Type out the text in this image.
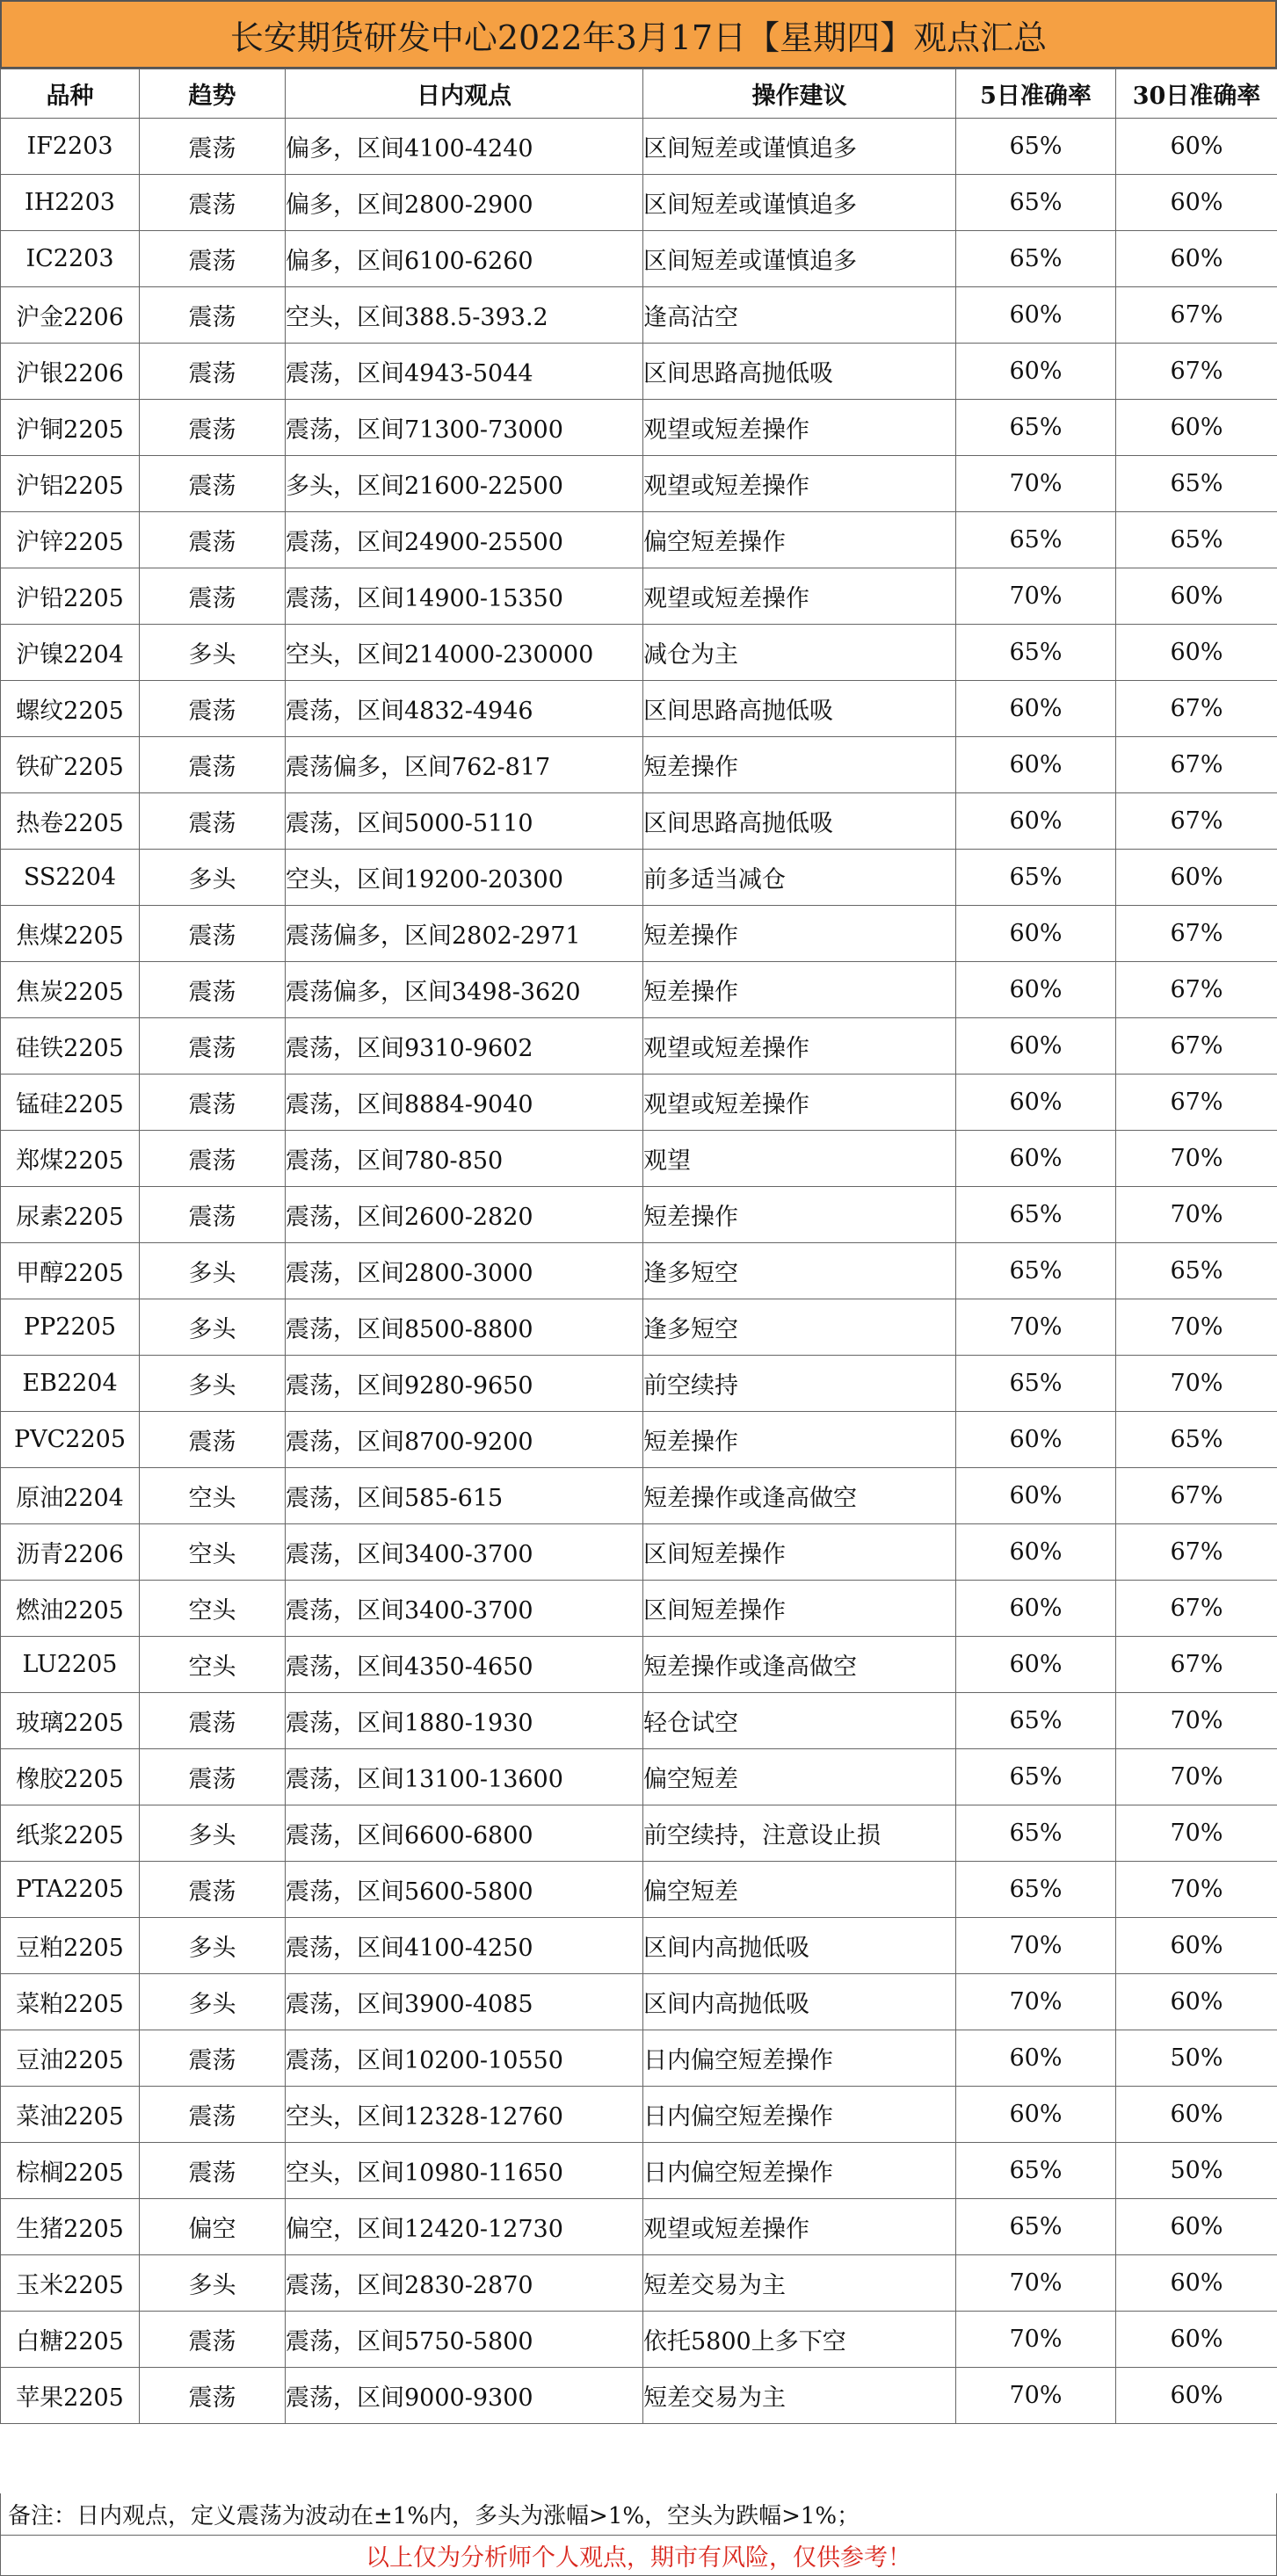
长安期货研发中心2022年3月17日【星期四】观点汇总
品种	趋势	日内观点	操作建议	5日准确率	30日准确率
IF2203	震荡	偏多，区间4100-4240	区间短差或谨慎追多	65%	60%
IH2203	震荡	偏多，区间2800-2900	区间短差或谨慎追多	65%	60%
IC2203	震荡	偏多，区间6100-6260	区间短差或谨慎追多	65%	60%
沪金2206	震荡	空头，区间388.5-393.2	逢高沽空	60%	67%
沪银2206	震荡	震荡，区间4943-5044	区间思路高抛低吸	60%	67%
沪铜2205	震荡	震荡，区间71300-73000	观望或短差操作	65%	60%
沪铝2205	震荡	多头，区间21600-22500	观望或短差操作	70%	65%
沪锌2205	震荡	震荡，区间24900-25500	偏空短差操作	65%	65%
沪铅2205	震荡	震荡，区间14900-15350	观望或短差操作	70%	60%
沪镍2204	多头	空头，区间214000-230000	减仓为主	65%	60%
螺纹2205	震荡	震荡，区间4832-4946	区间思路高抛低吸	60%	67%
铁矿2205	震荡	震荡偏多，区间762-817	短差操作	60%	67%
热卷2205	震荡	震荡，区间5000-5110	区间思路高抛低吸	60%	67%
SS2204	多头	空头，区间19200-20300	前多适当减仓	65%	60%
焦煤2205	震荡	震荡偏多，区间2802-2971	短差操作	60%	67%
焦炭2205	震荡	震荡偏多，区间3498-3620	短差操作	60%	67%
硅铁2205	震荡	震荡，区间9310-9602	观望或短差操作	60%	67%
锰硅2205	震荡	震荡，区间8884-9040	观望或短差操作	60%	67%
郑煤2205	震荡	震荡，区间780-850	观望	60%	70%
尿素2205	震荡	震荡，区间2600-2820	短差操作	65%	70%
甲醇2205	多头	震荡，区间2800-3000	逢多短空	65%	65%
PP2205	多头	震荡，区间8500-8800	逢多短空	70%	70%
EB2204	多头	震荡，区间9280-9650	前空续持	65%	70%
PVC2205	震荡	震荡，区间8700-9200	短差操作	60%	65%
原油2204	空头	震荡，区间585-615	短差操作或逢高做空	60%	67%
沥青2206	空头	震荡，区间3400-3700	区间短差操作	60%	67%
燃油2205	空头	震荡，区间3400-3700	区间短差操作	60%	67%
LU2205	空头	震荡，区间4350-4650	短差操作或逢高做空	60%	67%
玻璃2205	震荡	震荡，区间1880-1930	轻仓试空	65%	70%
橡胶2205	震荡	震荡，区间13100-13600	偏空短差	65%	70%
纸浆2205	多头	震荡，区间6600-6800	前空续持，注意设止损	65%	70%
PTA2205	震荡	震荡，区间5600-5800	偏空短差	65%	70%
豆粕2205	多头	震荡，区间4100-4250	区间内高抛低吸	70%	60%
菜粕2205	多头	震荡，区间3900-4085	区间内高抛低吸	70%	60%
豆油2205	震荡	震荡，区间10200-10550	日内偏空短差操作	60%	50%
菜油2205	震荡	空头，区间12328-12760	日内偏空短差操作	60%	60%
棕榈2205	震荡	空头，区间10980-11650	日内偏空短差操作	65%	50%
生猪2205	偏空	偏空，区间12420-12730	观望或短差操作	65%	60%
玉米2205	多头	震荡，区间2830-2870	短差交易为主	70%	60%
白糖2205	震荡	震荡，区间5750-5800	依托5800上多下空	70%	60%
苹果2205	震荡	震荡，区间9000-9300	短差交易为主	70%	60%
备注：日内观点，定义震荡为波动在±1%内，多头为涨幅>1%，空头为跌幅>1%；
以上仅为分析师个人观点，期市有风险，仅供参考！
